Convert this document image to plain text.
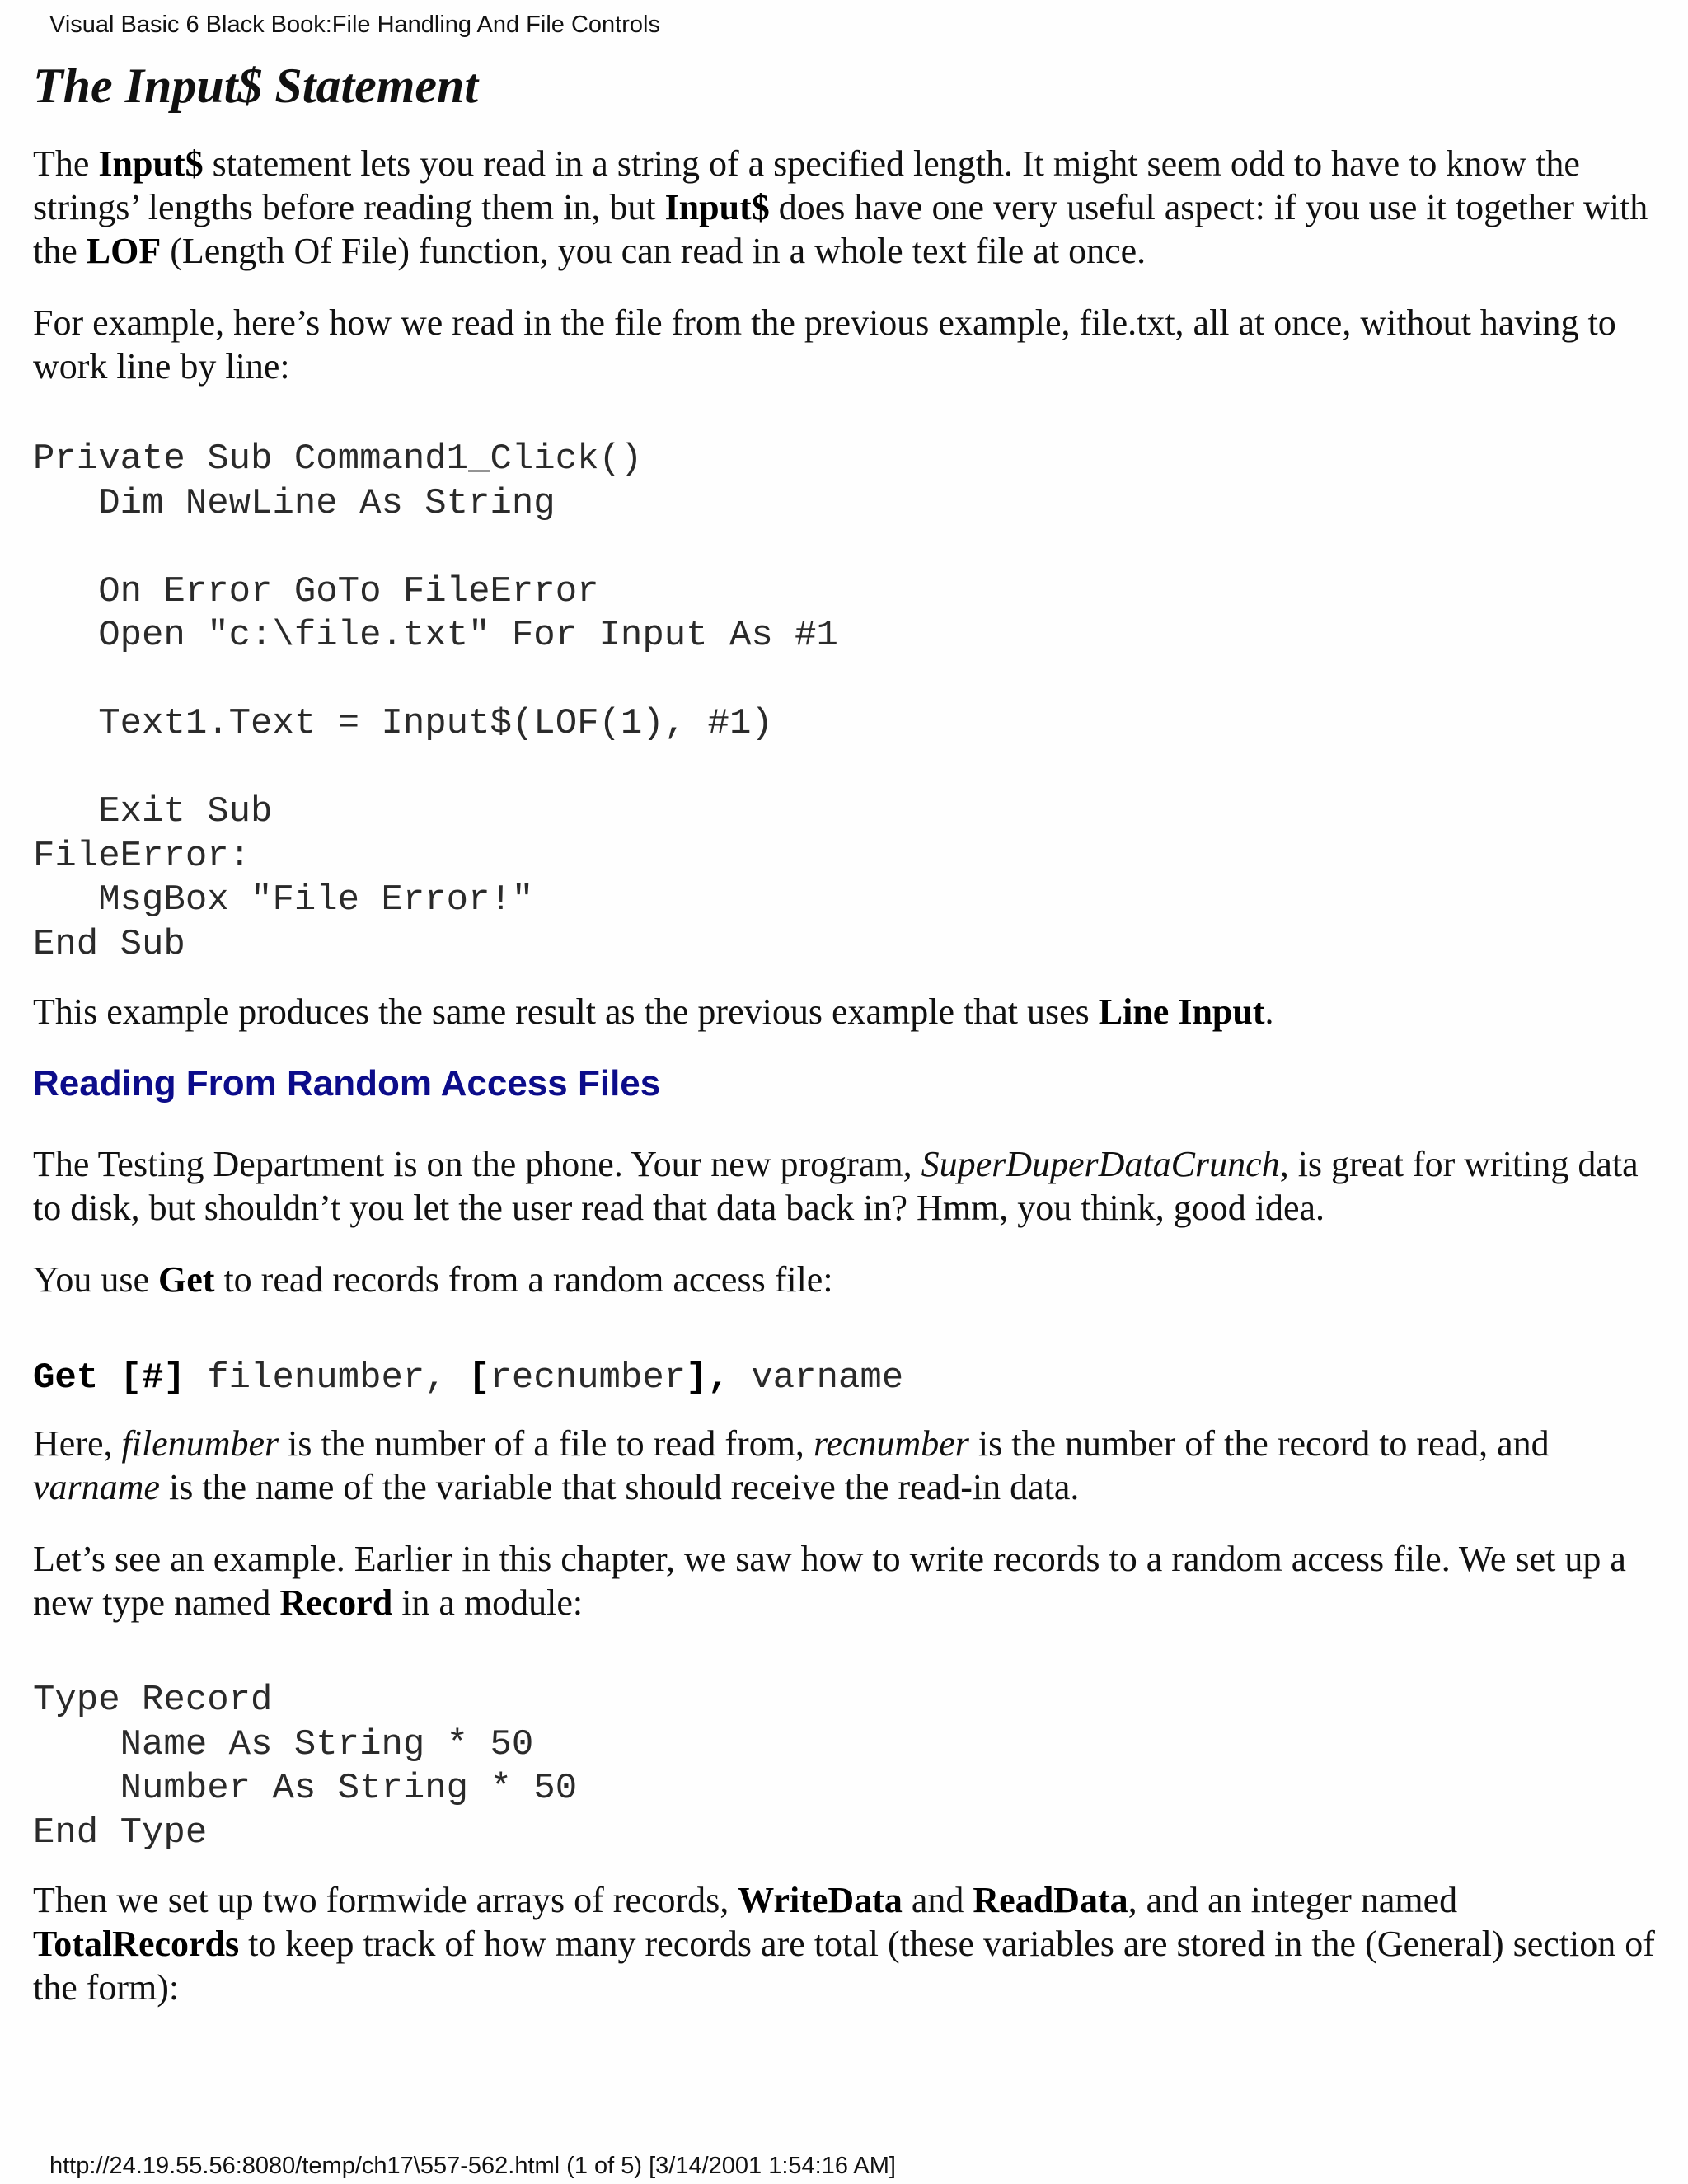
Visual Basic 6 Black Book:File Handling And File Controls
The Input$ Statement

The Input$ statement lets you read in a string of a specified length. It might seem odd to have to know the strings’ lengths before reading them in, but Input$ does have one very useful aspect: if you use it together with the LOF (Length Of File) function, you can read in a whole text file at once.

For example, here’s how we read in the file from the previous example, file.txt, all at once, without having to work line by line:

Private Sub Command1_Click()
Dim NewLine As String

On Error GoTo FileError
Open "c:\file.txt" For Input As #1

Text1.Text = Input$(LOF(1), #1)

Exit Sub
FileError:
MsgBox "File Error!"
End Sub

This example produces the same result as the previous example that uses Line Input.

Reading From Random Access Files

The Testing Department is on the phone. Your new program, SuperDuperDataCrunch, is great for writing data to disk, but shouldn’t you let the user read that data back in? Hmm, you think, good idea.

You use Get to read records from a random access file:

Get [#] filenumber, [recnumber], varname

Here, filenumber is the number of a file to read from, recnumber is the number of the record to read, and varname is the name of the variable that should receive the read-in data.

Let’s see an example. Earlier in this chapter, we saw how to write records to a random access file. We set up a new type named Record in a module:

Type Record
Name As String * 50
Number As String * 50
End Type

Then we set up two formwide arrays of records, WriteData and ReadData, and an integer named TotalRecords to keep track of how many records are total (these variables are stored in the (General) section of the form):

http://24.19.55.56:8080/temp/ch17\557-562.html (1 of 5) [3/14/2001 1:54:16 AM]
